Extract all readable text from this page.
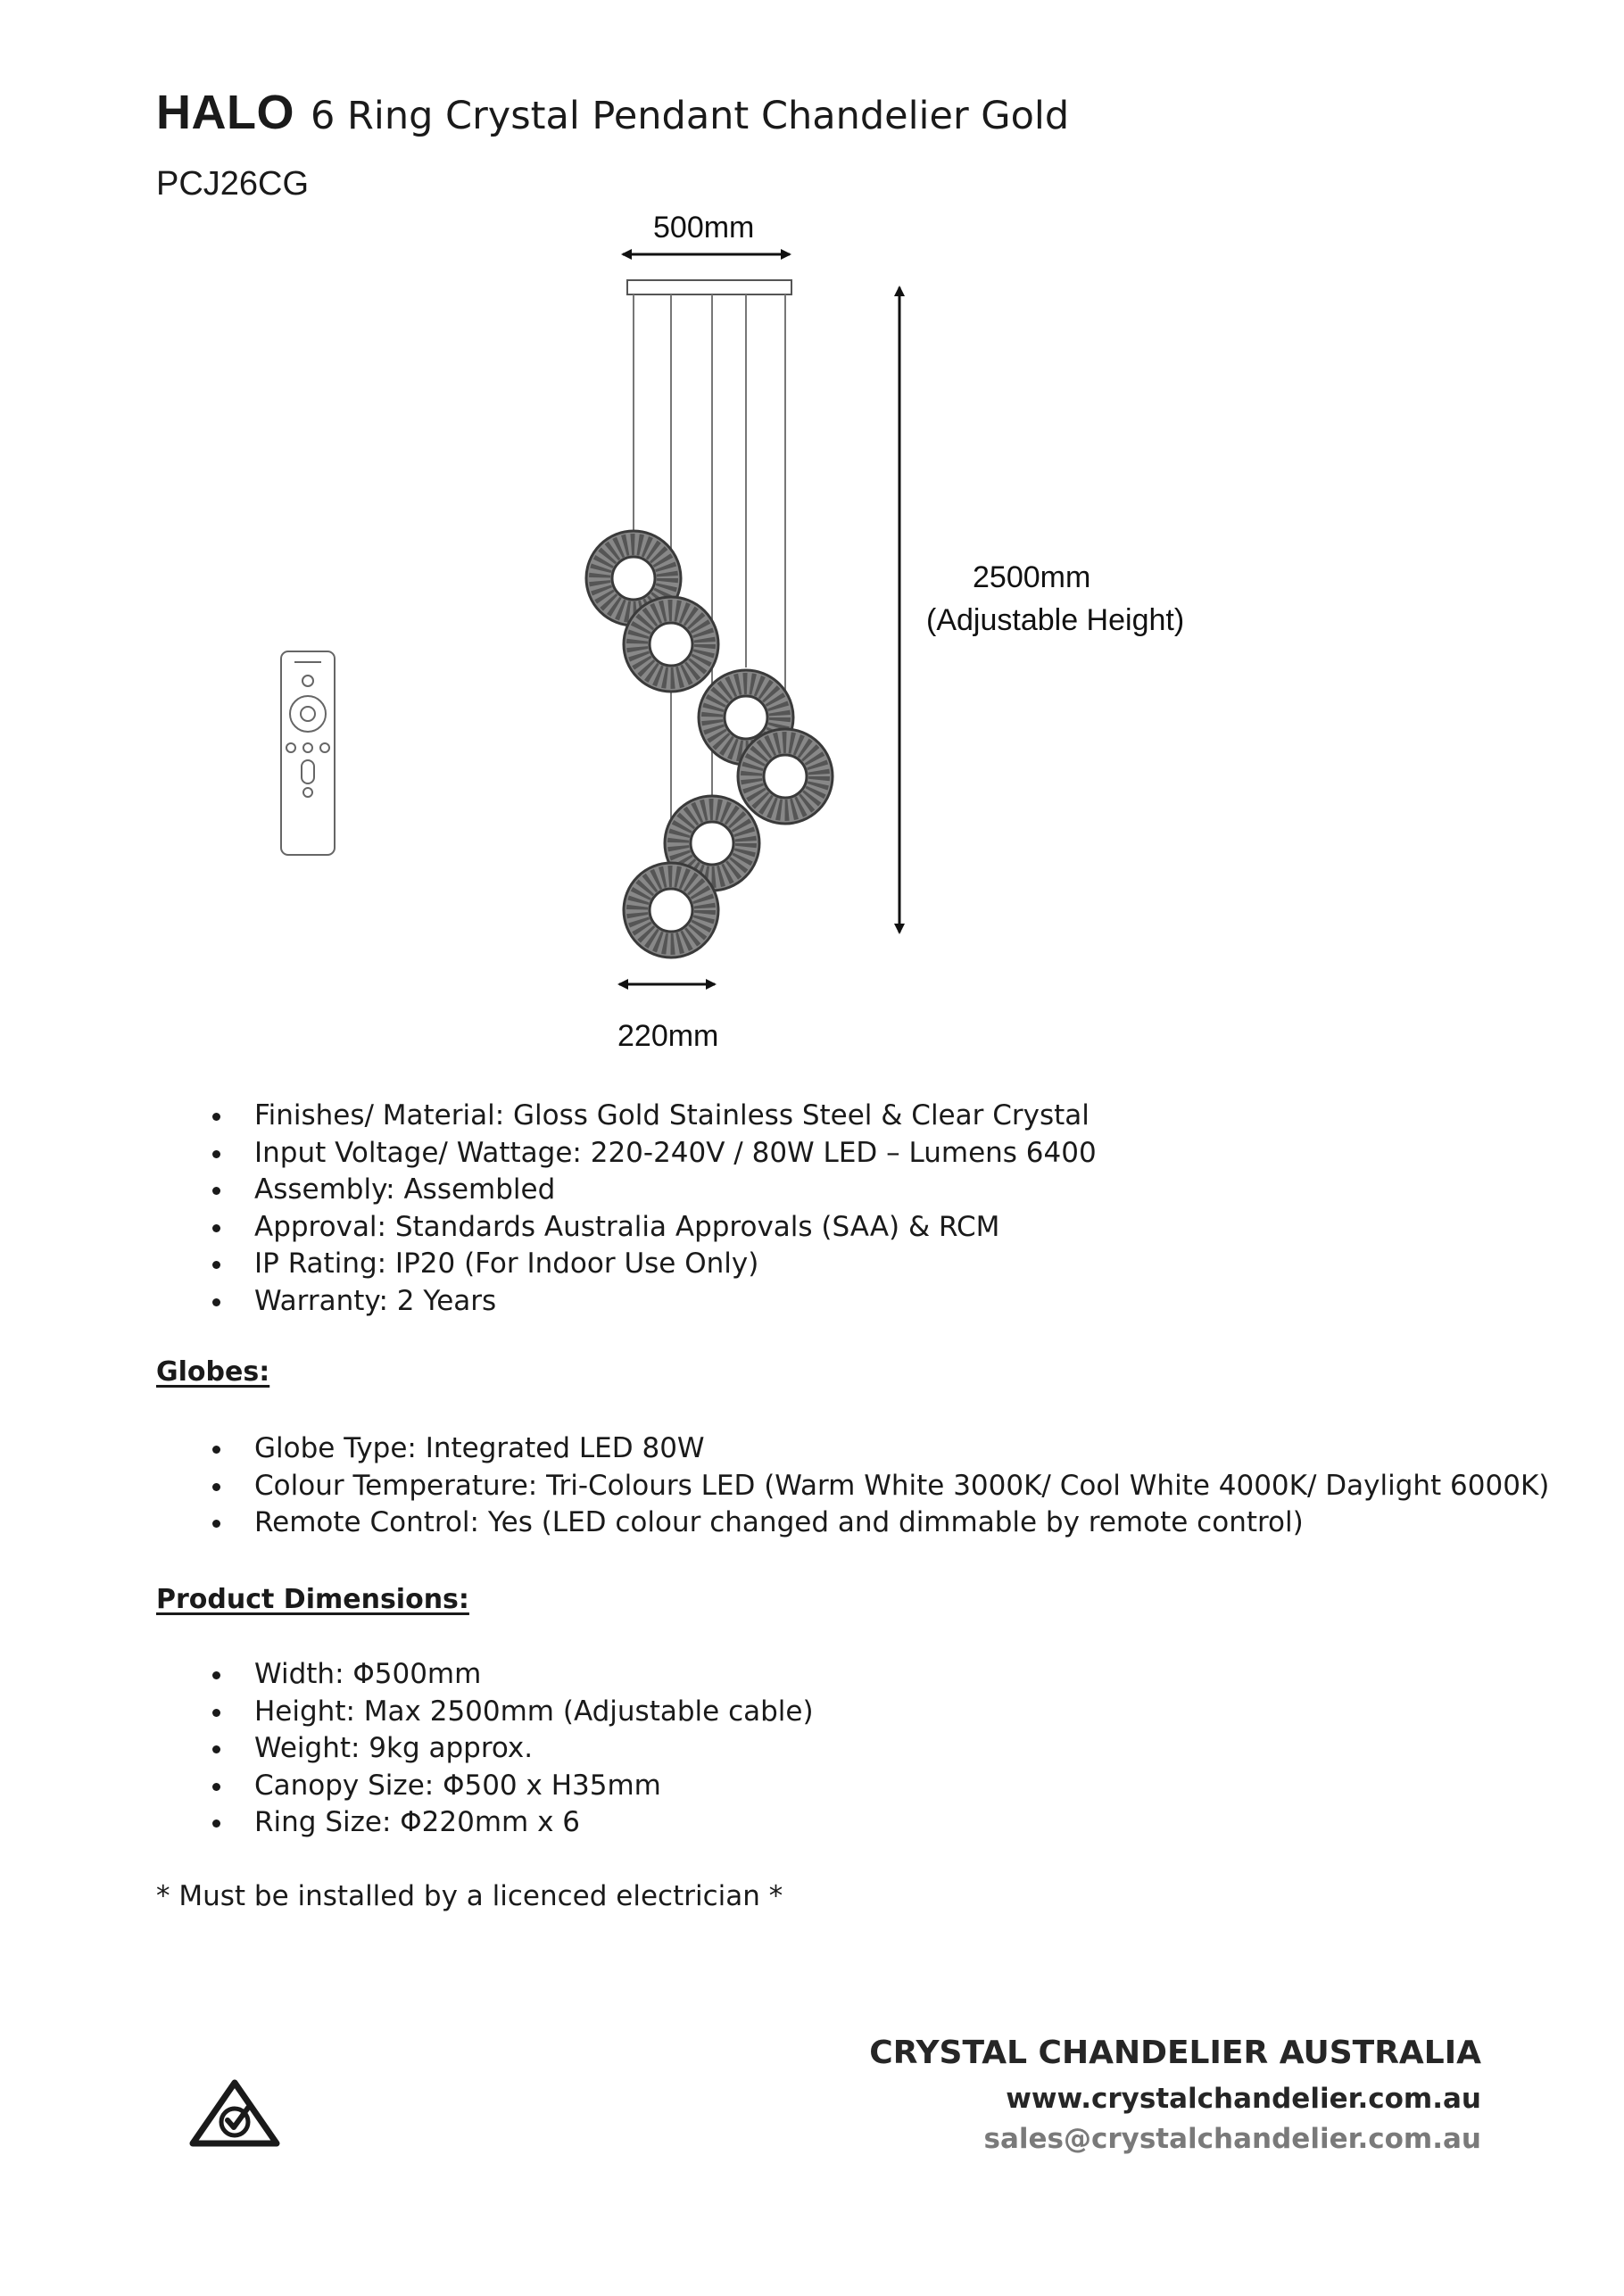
HALO 6 Ring Crystal Pendant Chandelier Gold
PCJ26CG
500mm
2500mm
(Adjustable Height)
220mm
Finishes/ Material: Gloss Gold Stainless Steel & Clear Crystal
Input Voltage/ Wattage: 220-240V / 80W LED – Lumens 6400
Assembly: Assembled
Approval: Standards Australia Approvals (SAA) & RCM
IP Rating: IP20 (For Indoor Use Only)
Warranty: 2 Years
Globes:
Globe Type: Integrated LED 80W
Colour Temperature: Tri-Colours LED (Warm White 3000K/ Cool White 4000K/ Daylight 6000K)
Remote Control: Yes (LED colour changed and dimmable by remote control)
Product Dimensions:
Width: Φ500mm
Height: Max 2500mm (Adjustable cable)
Weight: 9kg approx.
Canopy Size: Φ500 x H35mm
Ring Size: Φ220mm x 6
* Must be installed by a licenced electrician *
CRYSTAL CHANDELIER AUSTRALIA
www.crystalchandelier.com.au
sales@crystalchandelier.com.au
